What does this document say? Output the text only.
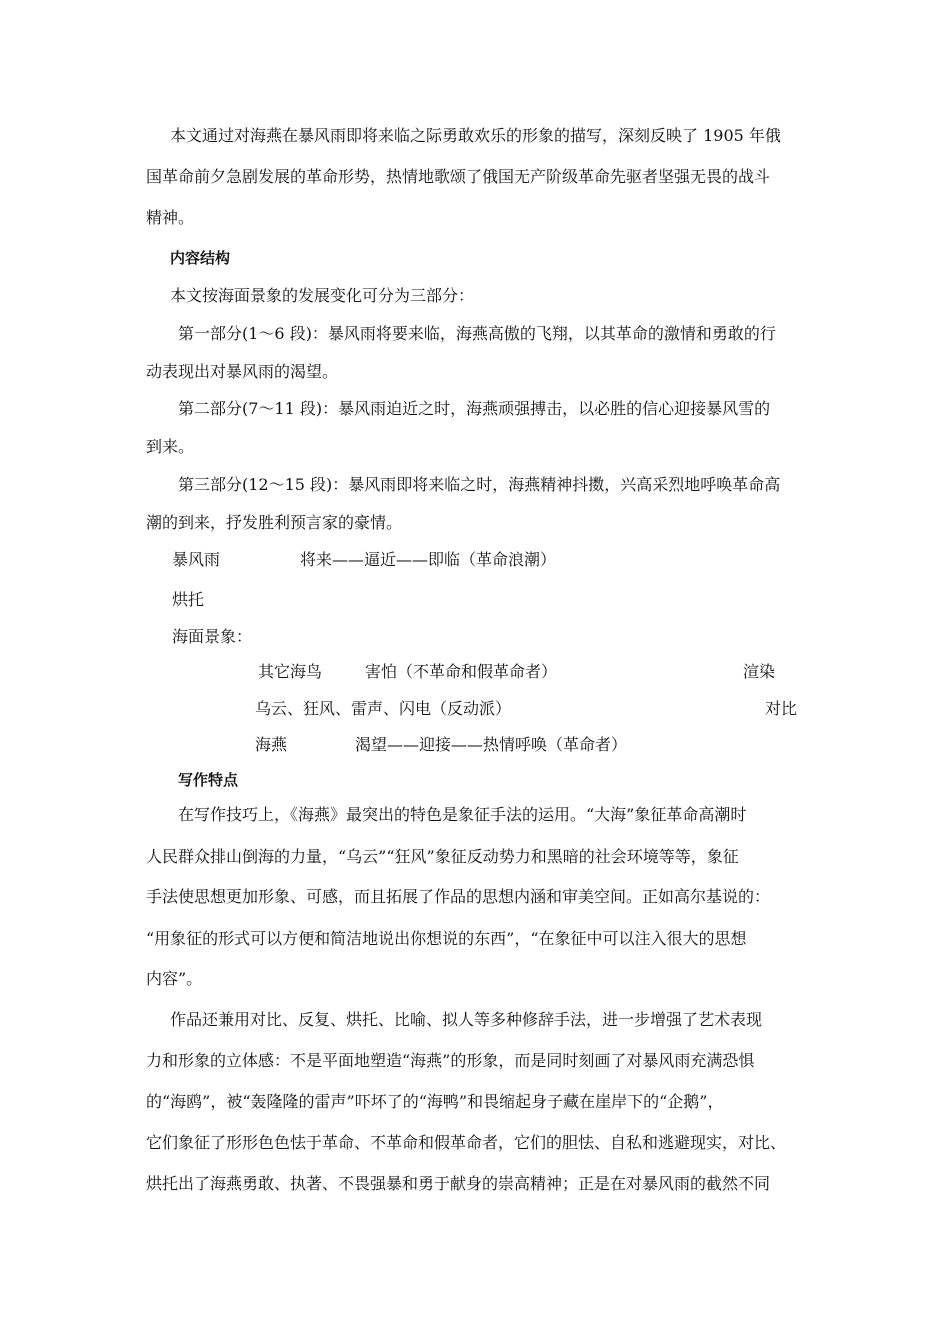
本文通过对海燕在暴风雨即将来临之际勇敢欢乐的形象的描写，深刻反映了 1905 年俄
国革命前夕急剧发展的革命形势，热情地歌颂了俄国无产阶级革命先驱者坚强无畏的战斗
精神。
内容结构
本文按海面景象的发展变化可分为三部分：
第一部分(1～6 段)：暴风雨将要来临，海燕高傲的飞翔，以其革命的激情和勇敢的行
动表现出对暴风雨的渴望。
第二部分(7～11 段)：暴风雨迫近之时，海燕顽强搏击，以必胜的信心迎接暴风雪的
到来。
第三部分(12～15 段)：暴风雨即将来临之时，海燕精神抖擞，兴高采烈地呼唤革命高
潮的到来，抒发胜利预言家的豪情。
暴风雨	将来——逼近——即临（革命浪潮）
烘托
海面景象：
其它海鸟	害怕（不革命和假革命者）	渲染
乌云、狂风、雷声、闪电（反动派）	对比
海燕	渴望——迎接——热情呼唤（革命者）
写作特点
在写作技巧上，《海燕》最突出的特色是象征手法的运用。“大海”象征革命高潮时
人民群众排山倒海的力量，“乌云”“狂风”象征反动势力和黑暗的社会环境等等，象征
手法使思想更加形象、可感，而且拓展了作品的思想内涵和审美空间。正如高尔基说的：
“用象征的形式可以方便和简洁地说出你想说的东西”，“在象征中可以注入很大的思想
内容”。
作品还兼用对比、反复、烘托、比喻、拟人等多种修辞手法，进一步增强了艺术表现
力和形象的立体感：不是平面地塑造“海燕”的形象，而是同时刻画了对暴风雨充满恐惧
的“海鸥”，被“轰隆隆的雷声”吓坏了的“海鸭”和畏缩起身子藏在崖岸下的“企鹅”，
它们象征了形形色色怯于革命、不革命和假革命者，它们的胆怯、自私和逃避现实，对比、
烘托出了海燕勇敢、执著、不畏强暴和勇于献身的崇高精神；正是在对暴风雨的截然不同
